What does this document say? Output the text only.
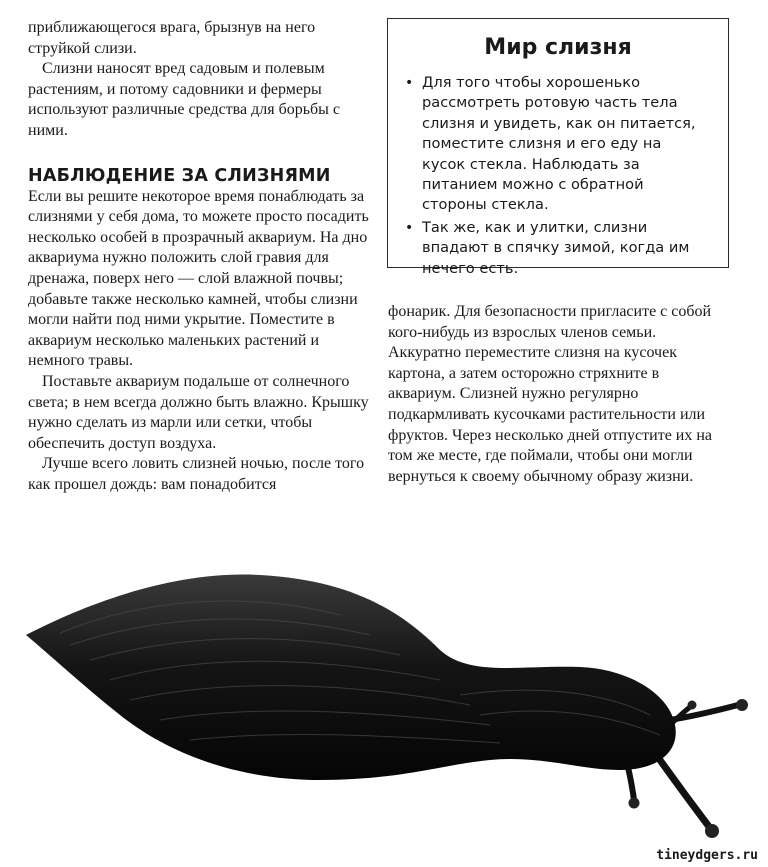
приближающегося врага, брызнув на него струйкой слизи.

Слизни наносят вред садовым и полевым растениям, и потому садовники и фермеры используют различные средства для борьбы с ними.

НАБЛЮДЕНИЕ ЗА СЛИЗНЯМИ

Если вы решите некоторое время понаблюдать за слизнями у себя дома, то можете просто посадить несколько особей в прозрачный аквариум. На дно аквариума нужно положить слой гравия для дренажа, поверх него — слой влажной почвы; добавьте также несколько камней, чтобы слизни могли найти под ними укрытие. Поместите в аквариум несколько маленьких растений и немного травы.

Поставьте аквариум подальше от солнечного света; в нем всегда должно быть влажно. Крышку нужно сделать из марли или сетки, чтобы обеспечить доступ воздуха.

Лучше всего ловить слизней ночью, после того как прошел дождь: вам понадобится

Мир слизня
• Для того чтобы хорошенько рассмотреть ротовую часть тела слизня и увидеть, как он питается, поместите слизня и его еду на кусок стекла. Наблюдать за питанием можно с обратной стороны стекла.
• Так же, как и улитки, слизни впадают в спячку зимой, когда им нечего есть.

фонарик. Для безопасности пригласите с собой кого-нибудь из взрослых членов семьи. Аккуратно переместите слизня на кусочек картона, а затем осторожно стряхните в аквариум. Слизней нужно регулярно подкармливать кусочками растительности или фруктов. Через несколько дней отпустите их на том же месте, где поймали, чтобы они могли вернуться к своему обычному образу жизни.

tineydgers.ru
